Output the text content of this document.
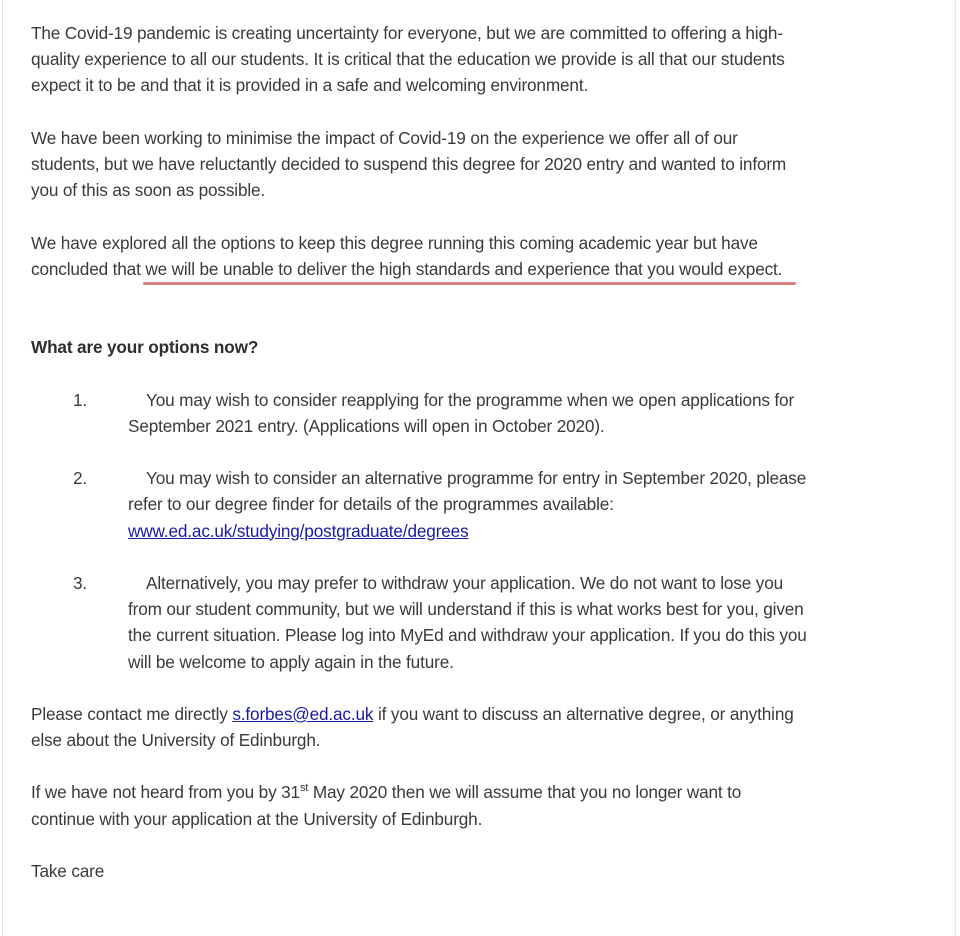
The Covid-19 pandemic is creating uncertainty for everyone, but we are committed to offering a high-
quality experience to all our students. It is critical that the education we provide is all that our students
expect it to be and that it is provided in a safe and welcoming environment.
We have been working to minimise the impact of Covid-19 on the experience we offer all of our
students, but we have reluctantly decided to suspend this degree for 2020 entry and wanted to inform
you of this as soon as possible.
We have explored all the options to keep this degree running this coming academic year but have
concluded that we will be unable to deliver the high standards and experience that you would expect.
What are your options now?
1.	You may wish to consider reapplying for the programme when we open applications for
September 2021 entry. (Applications will open in October 2020).
2.	You may wish to consider an alternative programme for entry in September 2020, please
refer to our degree finder for details of the programmes available:
www.ed.ac.uk/studying/postgraduate/degrees
3.	Alternatively, you may prefer to withdraw your application. We do not want to lose you
from our student community, but we will understand if this is what works best for you, given
the current situation. Please log into MyEd and withdraw your application. If you do this you
will be welcome to apply again in the future.
Please contact me directly s.forbes@ed.ac.uk if you want to discuss an alternative degree, or anything
else about the University of Edinburgh.
If we have not heard from you by 31st May 2020 then we will assume that you no longer want to
continue with your application at the University of Edinburgh.
Take care
